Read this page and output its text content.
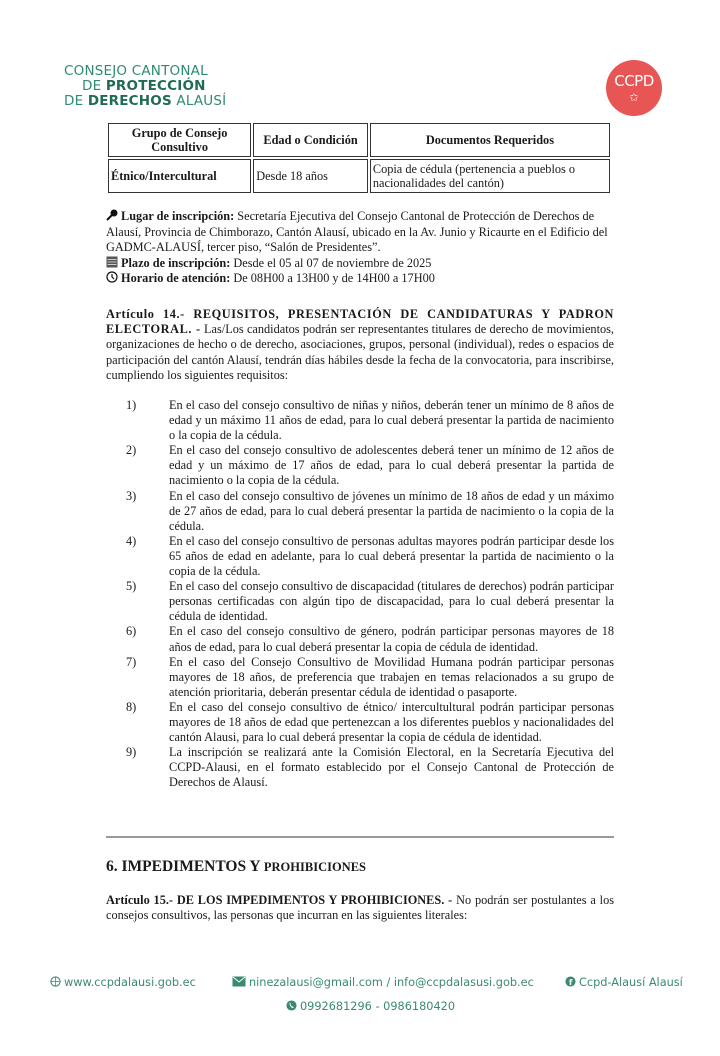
CONSEJO CANTONAL
DE PROTECCIÓN
DE DERECHOS ALAUSÍ
CCPD
✩
Grupo de Consejo Consultivo	Edad o Condición	Documentos Requeridos
Étnico/Intercultural	Desde 18 años	Copia de cédula (pertenencia a pueblos o nacionalidades del cantón)
Lugar de inscripción: Secretaría Ejecutiva del Consejo Cantonal de Protección de Derechos de Alausí, Provincia de Chimborazo, Cantón Alausí, ubicado en la Av. Junio y Ricaurte en el Edificio del GADMC-ALAUSÍ, tercer piso, “Salón de Presidentes”.
Plazo de inscripción: Desde el 05 al 07 de noviembre de 2025
Horario de atención: De 08H00 a 13H00 y de 14H00 a 17H00
Artículo 14.- REQUISITOS, PRESENTACIÓN DE CANDIDATURAS Y PADRON ELECTORAL. - Las/Los candidatos podrán ser representantes titulares de derecho de movimientos, organizaciones de hecho o de derecho, asociaciones, grupos, personal (individual), redes o espacios de participación del cantón Alausí, tendrán días hábiles desde la fecha de la convocatoria, para inscribirse, cumpliendo los siguientes requisitos:
1)	En el caso del consejo consultivo de niñas y niños, deberán tener un mínimo de 8 años de edad y un máximo 11 años de edad, para lo cual deberá presentar la partida de nacimiento o la copia de la cédula.
2)	En el caso del consejo consultivo de adolescentes deberá tener un mínimo de 12 años de edad y un máximo de 17 años de edad, para lo cual deberá presentar la partida de nacimiento o la copia de la cédula.
3)	En el caso del consejo consultivo de jóvenes un mínimo de 18 años de edad y un máximo de 27 años de edad, para lo cual deberá presentar la partida de nacimiento o la copia de la cédula.
4)	En el caso del consejo consultivo de personas adultas mayores podrán participar desde los 65 años de edad en adelante, para lo cual deberá presentar la partida de nacimiento o la copia de la cédula.
5)	En el caso del consejo consultivo de discapacidad (titulares de derechos) podrán participar personas certificadas con algún tipo de discapacidad, para lo cual deberá presentar la cédula de identidad.
6)	En el caso del consejo consultivo de género, podrán participar personas mayores de 18 años de edad, para lo cual deberá presentar la copia de cédula de identidad.
7)	En el caso del Consejo Consultivo de Movilidad Humana podrán participar personas mayores de 18 años, de preferencia que trabajen en temas relacionados a su grupo de atención prioritaria, deberán presentar cédula de identidad o pasaporte.
8)	En el caso del consejo consultivo de étnico/ intercultultural podrán participar personas mayores de 18 años de edad que pertenezcan a los diferentes pueblos y nacionalidades del cantón Alausi, para lo cual deberá presentar la copia de cédula de identidad.
9)	La inscripción se realizará ante la Comisión Electoral, en la Secretaría Ejecutiva del CCPD-Alausi, en el formato establecido por el Consejo Cantonal de Protección de Derechos de Alausí.
6. IMPEDIMENTOS Y PROHIBICIONES
Artículo 15.- DE LOS IMPEDIMENTOS Y PROHIBICIONES. - No podrán ser postulantes a los consejos consultivos, las personas que incurran en las siguientes literales:
www.ccpdalausi.gob.ec	ninezalausi@gmail.com / info@ccpdalasusi.gob.ec	f Ccpd-Alausí Alausí
0992681296 - 0986180420
